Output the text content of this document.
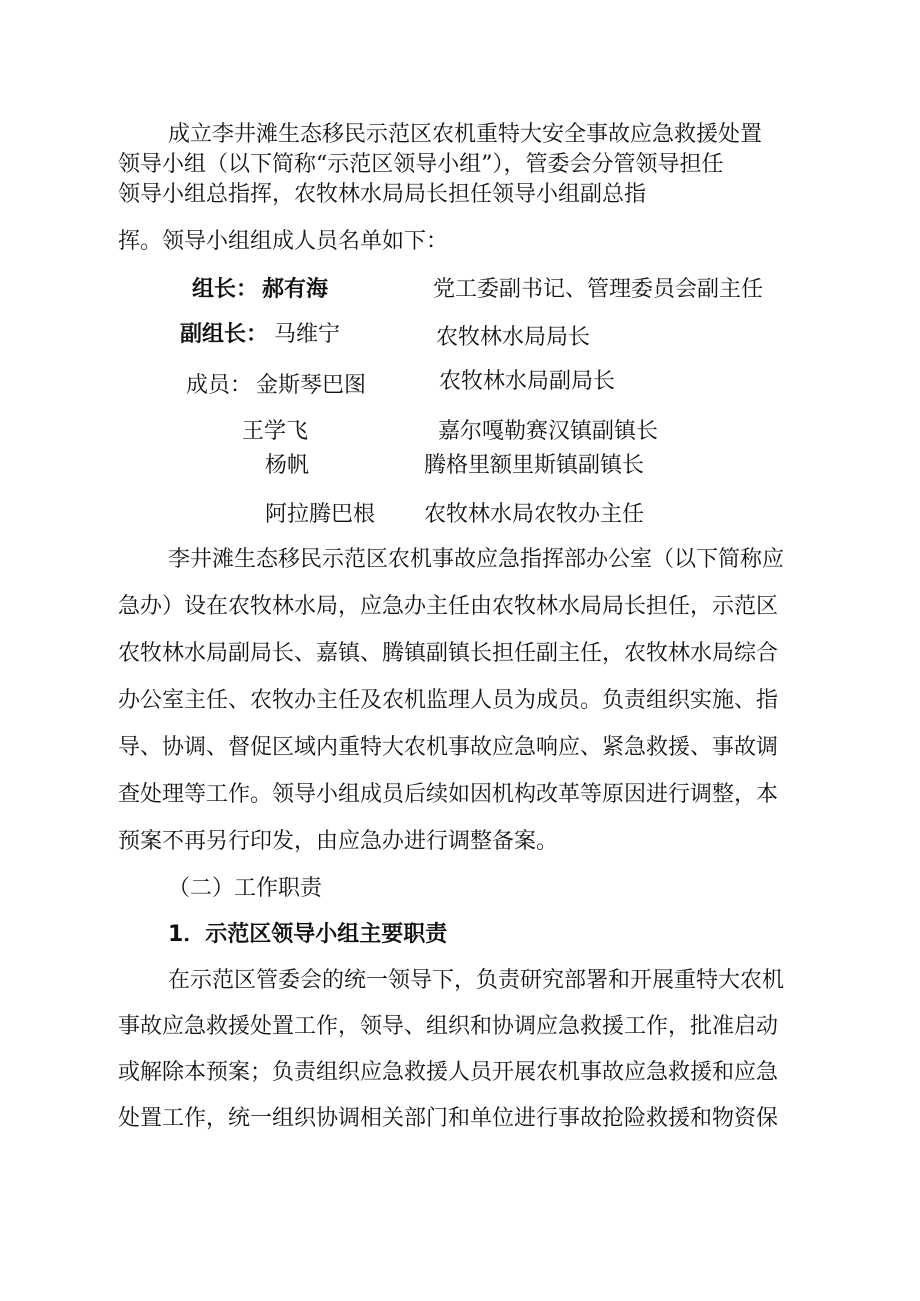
成立李井滩生态移民示范区农机重特大安全事故应急救援处置
领导小组（以下简称“示范区领导小组”），管委会分管领导担任
领导小组总指挥，农牧林水局局长担任领导小组副总指
挥。领导小组组成人员名单如下：
组长： 郝有海	党工委副书记、管理委员会副主任
副组长： 马维宁	农牧林水局局长
成员： 金斯琴巴图	农牧林水局副局长
王学飞	嘉尔嘎勒赛汉镇副镇长
杨帆	腾格里额里斯镇副镇长
阿拉腾巴根 农牧林水局农牧办主任
李井滩生态移民示范区农机事故应急指挥部办公室（以下简称应
急办）设在农牧林水局，应急办主任由农牧林水局局长担任，示范区
农牧林水局副局长、嘉镇、腾镇副镇长担任副主任，农牧林水局综合
办公室主任、农牧办主任及农机监理人员为成员。负责组织实施、指
导、协调、督促区域内重特大农机事故应急响应、紧急救援、事故调
查处理等工作。领导小组成员后续如因机构改革等原因进行调整，本
预案不再另行印发，由应急办进行调整备案。
（二）工作职责
1．示范区领导小组主要职责
在示范区管委会的统一领导下，负责研究部署和开展重特大农机
事故应急救援处置工作，领导、组织和协调应急救援工作，批准启动
或解除本预案；负责组织应急救援人员开展农机事故应急救援和应急
处置工作，统一组织协调相关部门和单位进行事故抢险救援和物资保
